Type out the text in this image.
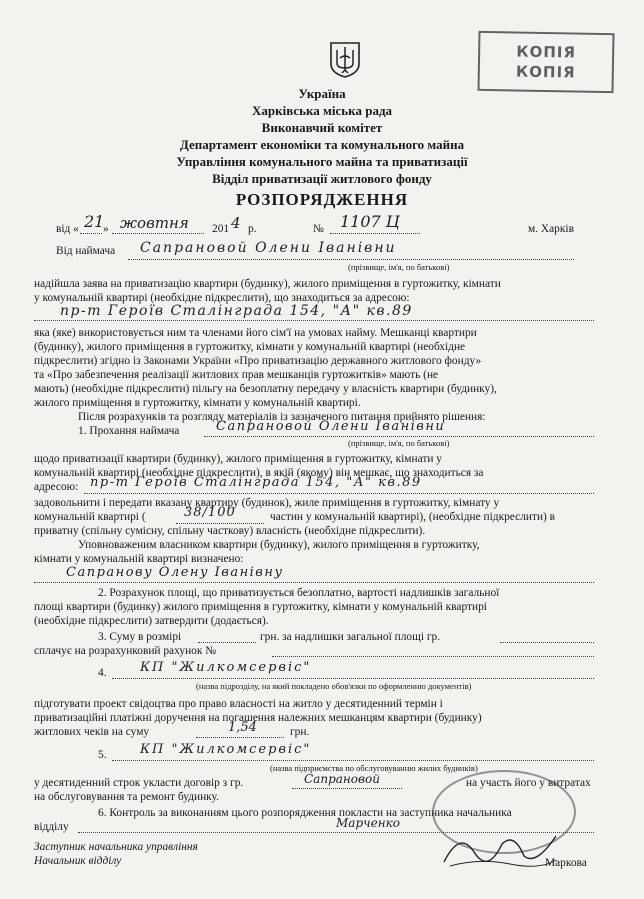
КОПІЯ
КОПІЯ
Україна
Харківська міська рада
Виконавчий комітет
Департамент економіки та комунального майна
Управління комунального майна та приватизації
Відділ приватизації житлового фонду
РОЗПОРЯДЖЕННЯ
від « 21
» жовтня 201 4 р.	№ 1107 Ц	м. Харків
Від наймача Сапрановой Олени Іванівни
(прізвище, ім'я, по батькові)
надійшла заява на приватизацію квартири (будинку), жилого приміщення в гуртожитку, кімнати
у комунальній квартирі (необхідне підкреслити), що знаходиться за адресою:
пр-т Героїв Сталінграда 154, "А" кв.89
яка (яке) використовується ним та членами його сім'ї на умовах найму. Мешканці квартири
(будинку), жилого приміщення в гуртожитку, кімнати у комунальній квартирі (необхідне
підкреслити) згідно із Законами України «Про приватизацію державного житлового фонду»
та «Про забезпечення реалізації житлових прав мешканців гуртожитків» мають (не
мають) (необхідне підкреслити) пільгу на безоплатну передачу у власність квартири (будинку),
жилого приміщення в гуртожитку, кімнати у комунальній квартирі.
Після розрахунків та розгляду матеріалів із зазначеного питання прийнято рішення:
1. Прохання наймача	Сапрановой Олени Іванівни
(прізвище, ім'я, по батькові)
щодо приватизації квартири (будинку), жилого приміщення в гуртожитку, кімнати у
комунальній квартирі (необхідне підкреслити), в якій (якому) він мешкає, що знаходиться за
адресою: пр-т Героїв Сталінграда 154, "А" кв.89
задовольнити і передати вказану квартиру (будинок), жиле приміщення в гуртожитку, кімнату у
комунальній квартирі (	38/100	частин у комунальній квартирі), (необхідне підкреслити) в
приватну (спільну сумісну, спільну часткову) власність (необхідне підкреслити).
Уповноваженим власником квартири (будинку), жилого приміщення в гуртожитку,
кімнати у комунальній квартирі визначено:
Сапранову Олену Іванівну
2. Розрахунок площі, що приватизується безоплатно, вартості надлишків загальної
площі квартири (будинку) жилого приміщення в гуртожитку, кімнати у комунальній квартирі
(необхідне підкреслити) затвердити (додається).
3. Суму в розмірі	грн. за надлишки загальної площі гр.
сплачує на розрахунковий рахунок №
4.	КП "Жилкомсервіс"
(назва підрозділу, на який покладено обов'язки по оформленню документів)
підготувати проект свідоцтва про право власності на житло у десятиденний термін і
приватизаційні платіжні доручення на погашення належних мешканцям квартири (будинку)
житлових чеків на суму	1,54	грн.
5.	КП "Жилкомсервіс"
(назва підприємства по обслуговуванню жилих будинків)
у десятиденний строк укласти договір з гр.	Сапрановой	на участь його у витратах
на обслуговування та ремонт будинку.
6. Контроль за виконанням цього розпорядження покласти на заступника начальника
відділу	Марченко
Заступник начальника управління
Начальник відділу	Маркова
